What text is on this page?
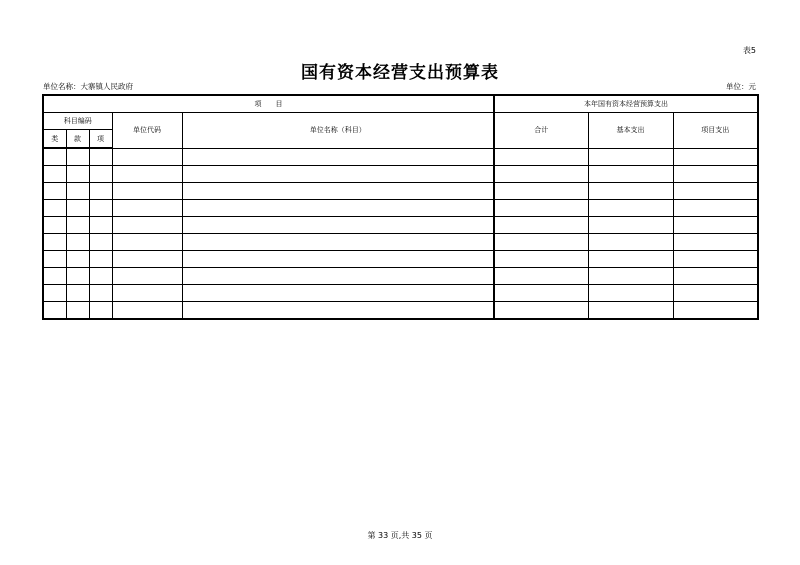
表5
国有资本经营支出预算表
单位名称：大寨镇人民政府	单位：元
项　　目					本年国有资本经营预算支出		
科目编码			单位代码	单位名称（科目）	合计	基本支出	项目支出
类	款	项					

第 33 页,共 35 页
